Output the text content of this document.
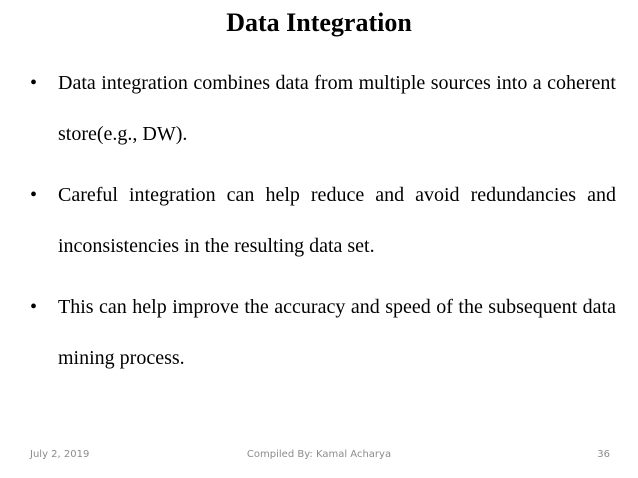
Data Integration
•	Data integration combines data from multiple sources into a coherent store(e.g., DW).
•	Careful integration can help reduce and avoid redundancies and inconsistencies in the resulting data set.
•	This can help improve the accuracy and speed of the subsequent data mining process.
July 2, 2019	Compiled By: Kamal Acharya	36
